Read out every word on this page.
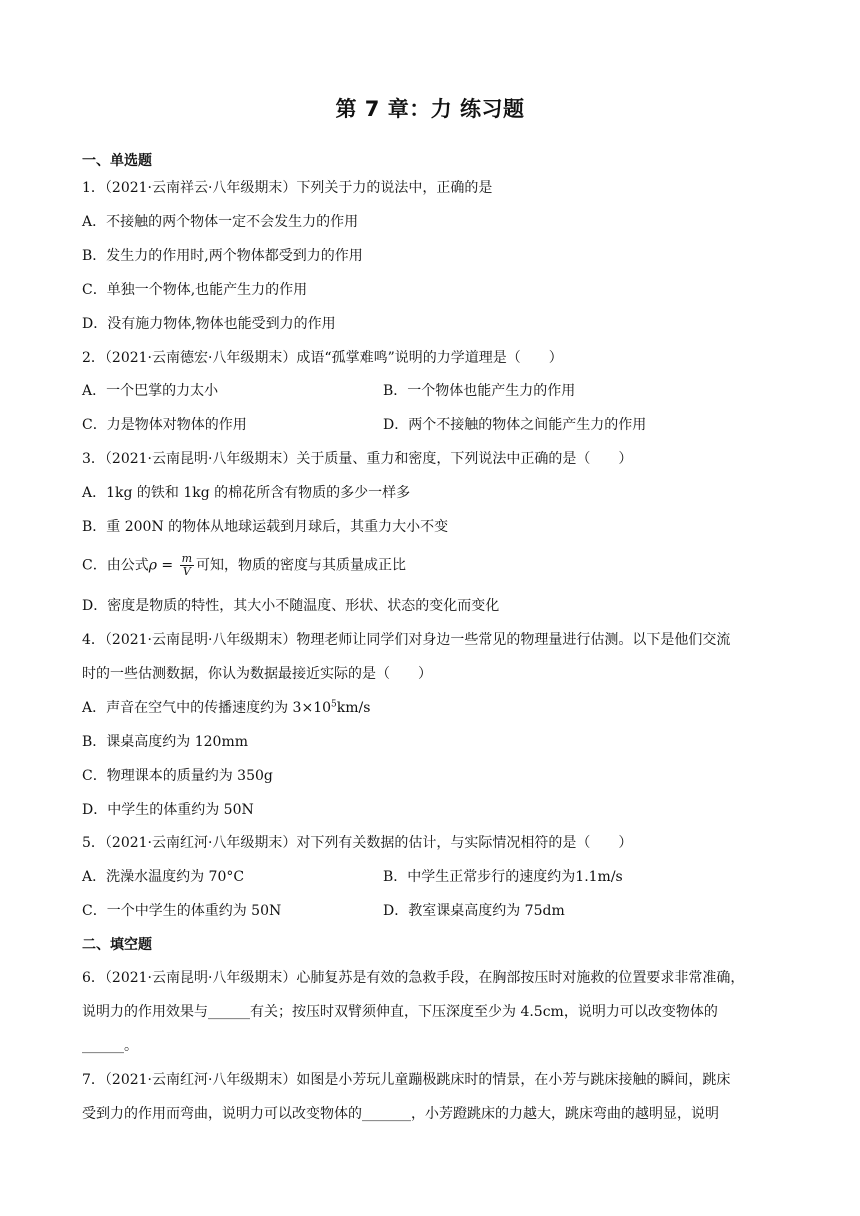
第 7 章：力 练习题
一、单选题
1．（2021·云南祥云·八年级期末）下列关于力的说法中，正确的是
A．不接触的两个物体一定不会发生力的作用
B．发生力的作用时,两个物体都受到力的作用
C．单独一个物体,也能产生力的作用
D．没有施力物体,物体也能受到力的作用
2．（2021·云南德宏·八年级期末）成语“孤掌难鸣”说明的力学道理是（　　）
A．一个巴掌的力太小	B．一个物体也能产生力的作用
C．力是物体对物体的作用	D．两个不接触的物体之间能产生力的作用
3．（2021·云南昆明·八年级期末）关于质量、重力和密度，下列说法中正确的是（　　）
A．1kg 的铁和 1kg 的棉花所含有物质的多少一样多
B．重 200N 的物体从地球运载到月球后，其重力大小不变
C．由公式$\rho = \frac{m}{V}$ 可知，物质的密度与其质量成正比
D．密度是物质的特性，其大小不随温度、形状、状态的变化而变化
4．（2021·云南昆明·八年级期末）物理老师让同学们对身边一些常见的物理量进行估测。以下是他们交流
时的一些估测数据，你认为数据最接近实际的是（　　）
A．声音在空气中的传播速度约为 $3\times 10^5km/s$
B．课桌高度约为 120mm
C．物理课本的质量约为 350g
D．中学生的体重约为 50N
5．（2021·云南红河·八年级期末）对下列有关数据的估计，与实际情况相符的是（　　）
A．洗澡水温度约为 70°C	B．中学生正常步行的速度约为1.1m/s
C．一个中学生的体重约为 50N	D．教室课桌高度约为 75dm
二、填空题
6．（2021·云南昆明·八年级期末）心肺复苏是有效的急救手段，在胸部按压时对施救的位置要求非常准确，
说明力的作用效果与______有关；按压时双臂须伸直，下压深度至少为 4.5cm，说明力可以改变物体的
______。
7．（2021·云南红河·八年级期末）如图是小芳玩儿童蹦极跳床时的情景，在小芳与跳床接触的瞬间，跳床
受到力的作用而弯曲，说明力可以改变物体的_______，小芳蹬跳床的力越大，跳床弯曲的越明显，说明
